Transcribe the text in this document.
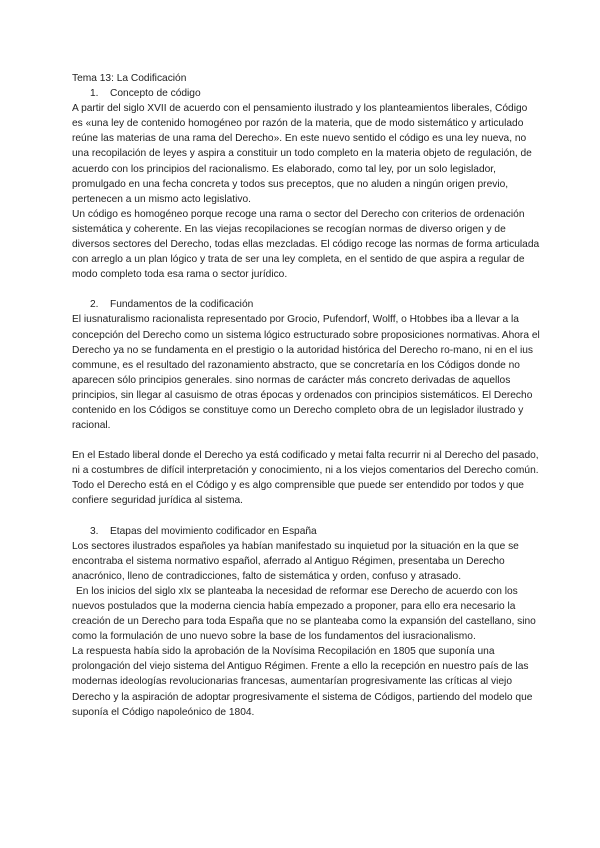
Tema 13: La Codificación

1.	Concepto de código

A partir del siglo XVII de acuerdo con el pensamiento ilustrado y los planteamientos liberales, Código es «una ley de contenido homogéneo por razón de la materia, que de modo sistemático y articulado reúne las materias de una rama del Derecho». En este nuevo sentido el código es una ley nueva, no una recopilación de leyes y aspira a constituir un todo completo en la materia objeto de regulación, de acuerdo con los principios del racionalismo. Es elaborado, como tal ley, por un solo legislador, promulgado en una fecha concreta y todos sus preceptos, que no aluden a ningún origen previo, pertenecen a un mismo acto legislativo.

Un código es homogéneo porque recoge una rama o sector del Derecho con criterios de ordenación sistemática y coherente. En las viejas recopilaciones se recogían normas de diverso origen y de diversos sectores del Derecho, todas ellas mezcladas. El código recoge las normas de forma articulada con arreglo a un plan lógico y trata de ser una ley completa, en el sentido de que aspira a regular de modo completo toda esa rama o sector jurídico.

2.	Fundamentos de la codificación

El iusnaturalismo racionalista representado por Grocio, Pufendorf, Wolff, o Htobbes iba a llevar a la concepción del Derecho como un sistema lógico estructurado sobre proposiciones normativas. Ahora el Derecho ya no se fundamenta en el prestigio o la autoridad histórica del Derecho ro-mano, ni en el ius commune, es el resultado del razonamiento abstracto, que se concretaría en los Códigos donde no aparecen sólo principios generales. sino normas de carácter más concreto derivadas de aquellos principios, sin llegar al casuismo de otras épocas y ordenados con principios sistemáticos. El Derecho contenido en los Códigos se constituye como un Derecho completo obra de un legislador ilustrado y racional.

En el Estado liberal donde el Derecho ya está codificado y metai falta recurrir ni al Derecho del pasado, ni a costumbres de difícil interpretación y conocimiento, ni a los viejos comentarios del Derecho común.

Todo el Derecho está en el Código y es algo comprensible que puede ser entendido por todos y que confiere seguridad jurídica al sistema.

3.	Etapas del movimiento codificador en España

Los sectores ilustrados españoles ya habían manifestado su inquietud por la situación en la que se encontraba el sistema normativo español, aferrado al Antiguo Régimen, presentaba un Derecho anacrónico, lleno de contradicciones, falto de sistemática y orden, confuso y atrasado.

En los inicios del siglo xIx se planteaba la necesidad de reformar ese Derecho de acuerdo con los nuevos postulados que la moderna ciencia había empezado a proponer, para ello era necesario la creación de un Derecho para toda España que no se planteaba como la expansión del castellano, sino como la formulación de uno nuevo sobre la base de los fundamentos del iusracionalismo.

La respuesta había sido la aprobación de la Novísima Recopilación en 1805 que suponía una prolongación del viejo sistema del Antiguo Régimen. Frente a ello la recepción en nuestro país de las modernas ideologías revolucionarias francesas, aumentarían progresivamente las críticas al viejo Derecho y la aspiración de adoptar progresivamente el sistema de Códigos, partiendo del modelo que suponía el Código napoleónico de 1804.
